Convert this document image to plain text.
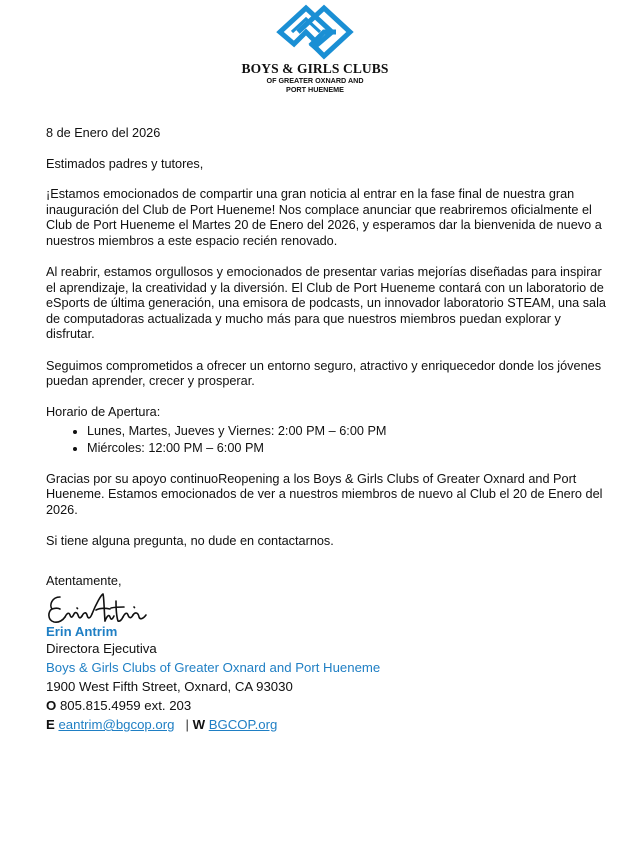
BOYS & GIRLS CLUBS
OF GREATER OXNARD AND
PORT HUENEME

8 de Enero del 2026

Estimados padres y tutores,

¡Estamos emocionados de compartir una gran noticia al entrar en la fase final de nuestra gran inauguración del Club de Port Hueneme! Nos complace anunciar que reabriremos oficialmente el Club de Port Hueneme el Martes 20 de Enero del 2026, y esperamos dar la bienvenida de nuevo a nuestros miembros a este espacio recién renovado.

Al reabrir, estamos orgullosos y emocionados de presentar varias mejorías diseñadas para inspirar el aprendizaje, la creatividad y la diversión. El Club de Port Hueneme contará con un laboratorio de eSports de última generación, una emisora de podcasts, un innovador laboratorio STEAM, una sala de computadoras actualizada y mucho más para que nuestros miembros puedan explorar y disfrutar.

Seguimos comprometidos a ofrecer un entorno seguro, atractivo y enriquecedor donde los jóvenes puedan aprender, crecer y prosperar.

Horario de Apertura:

• Lunes, Martes, Jueves y Viernes: 2:00 PM – 6:00 PM
• Miércoles: 12:00 PM – 6:00 PM

Gracias por su apoyo continuoReopening a los Boys & Girls Clubs of Greater Oxnard and Port Hueneme. Estamos emocionados de ver a nuestros miembros de nuevo al Club el 20 de Enero del 2026.

Si tiene alguna pregunta, no dude en contactarnos.

Atentamente,
Erin Antrim
Directora Ejecutiva
Boys & Girls Clubs of Greater Oxnard and Port Hueneme
1900 West Fifth Street, Oxnard, CA 93030
O 805.815.4959 ext. 203
E eantrim@bgcop.org | W BGCOP.org
